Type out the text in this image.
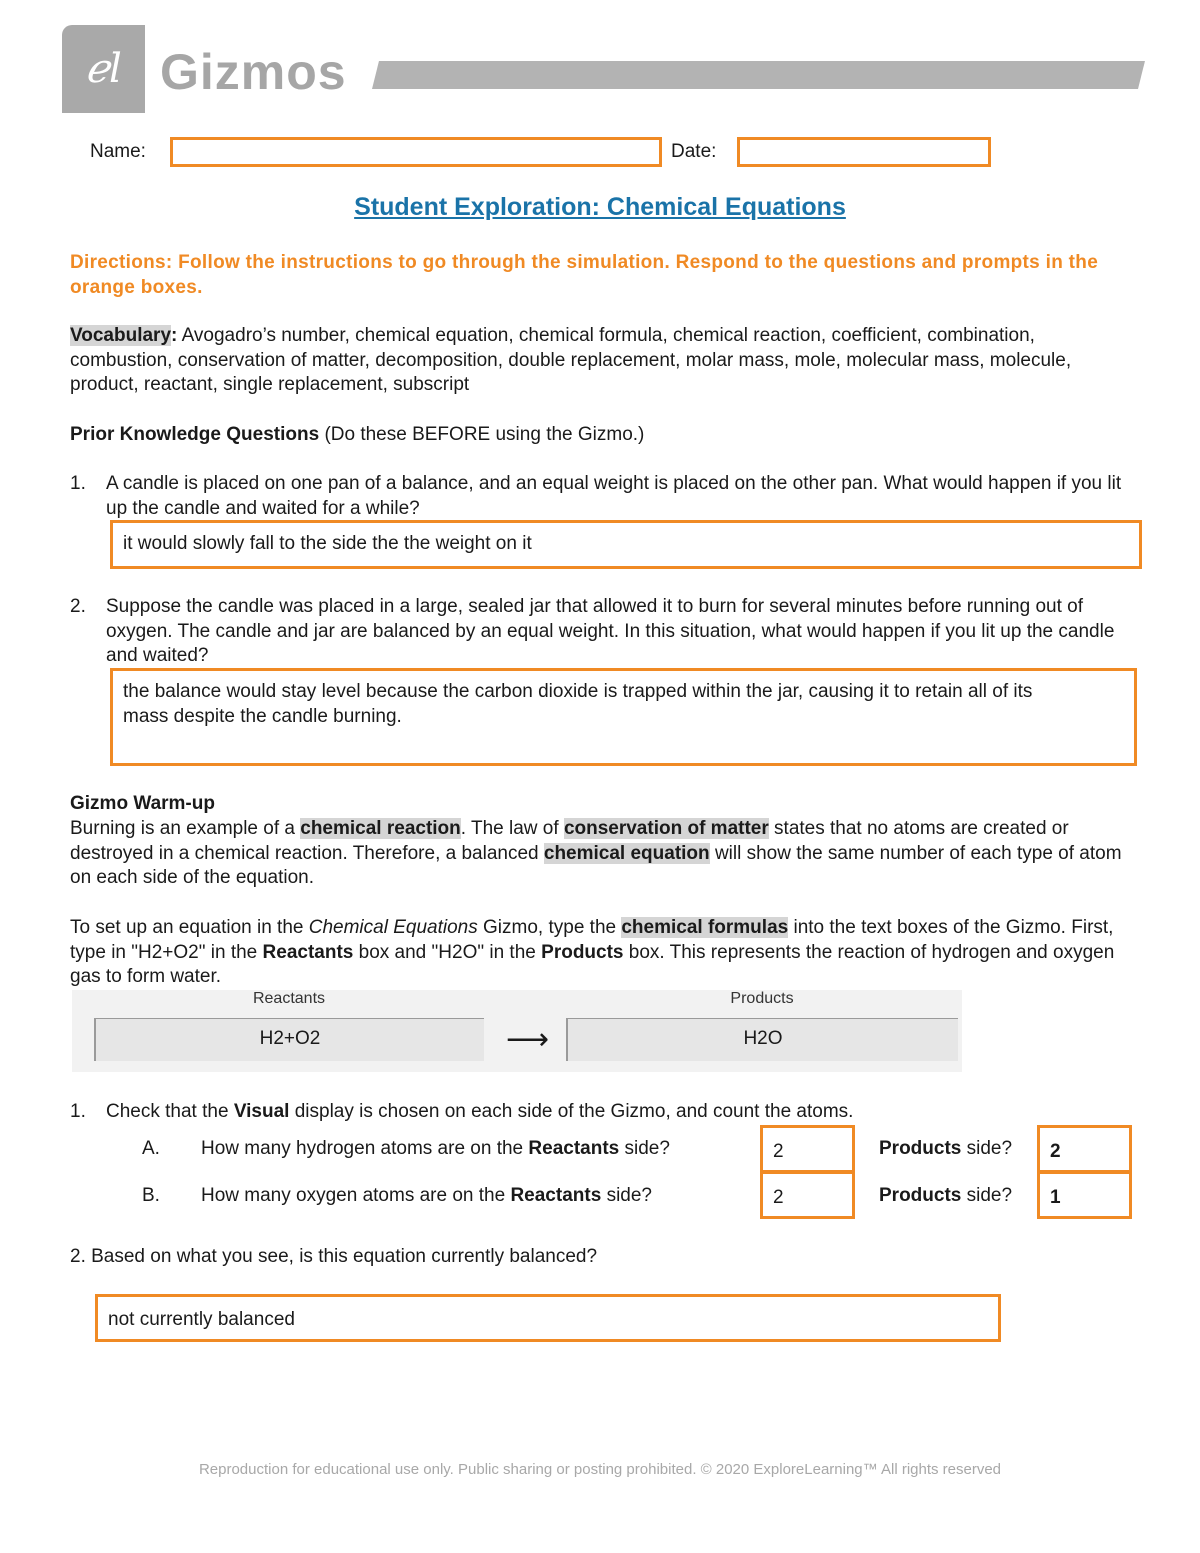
ℯl Gizmos
Name:	Date:
Student Exploration: Chemical Equations
Directions: Follow the instructions to go through the simulation. Respond to the questions and prompts in the orange boxes.
Vocabulary: Avogadro’s number, chemical equation, chemical formula, chemical reaction, coefficient, combination, combustion, conservation of matter, decomposition, double replacement, molar mass, mole, molecular mass, molecule, product, reactant, single replacement, subscript
Prior Knowledge Questions (Do these BEFORE using the Gizmo.)
1. A candle is placed on one pan of a balance, and an equal weight is placed on the other pan. What would happen if you lit up the candle and waited for a while?
it would slowly fall to the side the the weight on it
2. Suppose the candle was placed in a large, sealed jar that allowed it to burn for several minutes before running out of oxygen. The candle and jar are balanced by an equal weight. In this situation, what would happen if you lit up the candle and waited?
the balance would stay level because the carbon dioxide is trapped within the jar, causing it to retain all of its mass despite the candle burning.
Gizmo Warm-up
Burning is an example of a chemical reaction. The law of conservation of matter states that no atoms are created or destroyed in a chemical reaction. Therefore, a balanced chemical equation will show the same number of each type of atom on each side of the equation.
To set up an equation in the Chemical Equations Gizmo, type the chemical formulas into the text boxes of the Gizmo. First, type in "H2+O2" in the Reactants box and "H2O" in the Products box. This represents the reaction of hydrogen and oxygen gas to form water.
Reactants
H2+O2	⟶
Products
H2O
1. Check that the Visual display is chosen on each side of the Gizmo, and count the atoms.
A. How many hydrogen atoms are on the Reactants side?	2	Products side?	2
B. How many oxygen atoms are on the Reactants side?	2	Products side?	1
2. Based on what you see, is this equation currently balanced?
not currently balanced
Reproduction for educational use only. Public sharing or posting prohibited. © 2020 ExploreLearning™ All rights reserved
